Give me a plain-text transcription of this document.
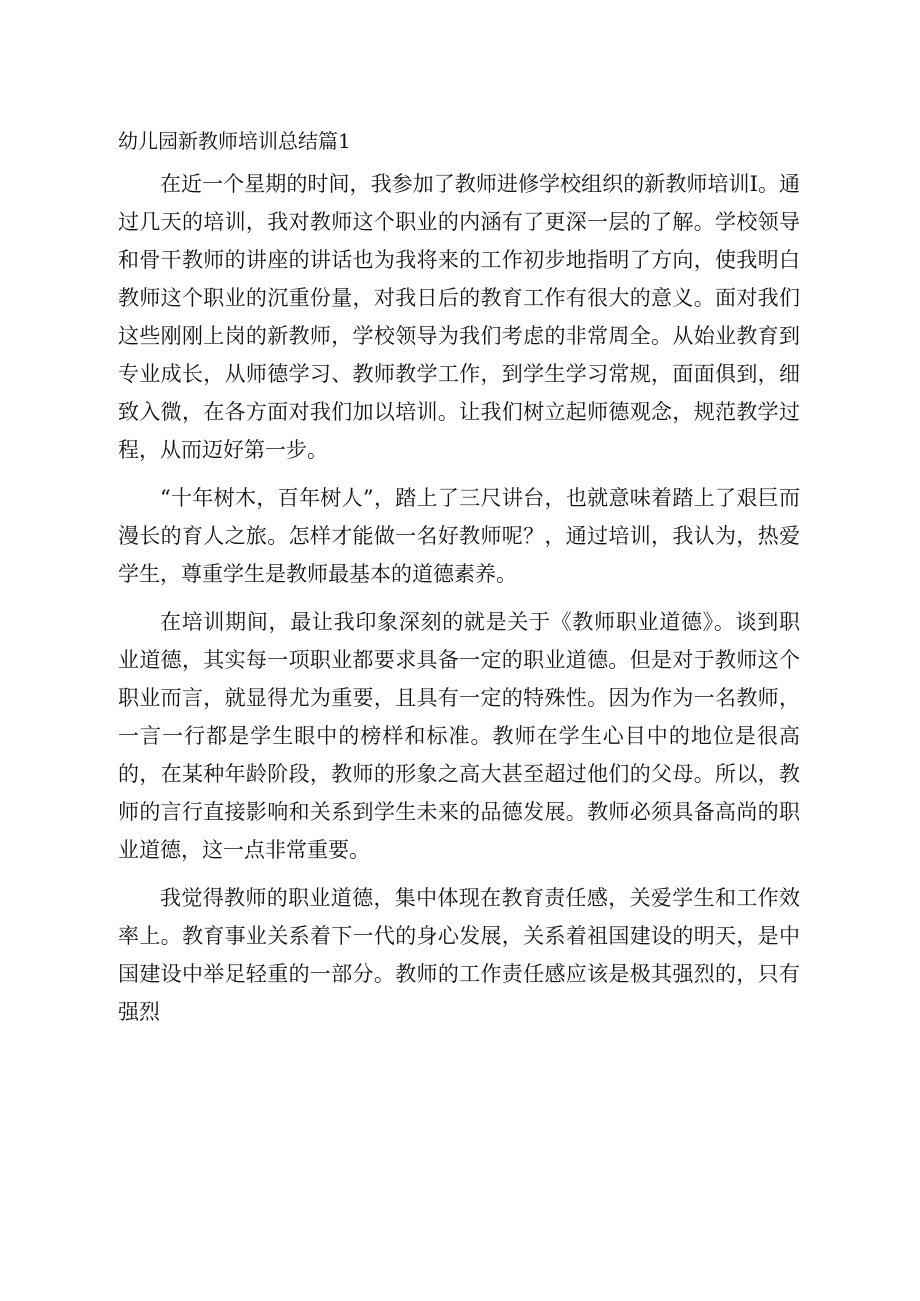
幼儿园新教师培训总结篇1

在近一个星期的时间，我参加了教师进修学校组织的新教师培训I。通过几天的培训，我对教师这个职业的内涵有了更深一层的了解。学校领导和骨干教师的讲座的讲话也为我将来的工作初步地指明了方向，使我明白教师这个职业的沉重份量，对我日后的教育工作有很大的意义。面对我们这些刚刚上岗的新教师，学校领导为我们考虑的非常周全。从始业教育到专业成长，从师德学习、教师教学工作，到学生学习常规，面面俱到，细致入微，在各方面对我们加以培训。让我们树立起师德观念，规范教学过程，从而迈好第一步。

“十年树木，百年树人”，踏上了三尺讲台，也就意味着踏上了艰巨而漫长的育人之旅。怎样才能做一名好教师呢？，通过培训，我认为，热爱学生，尊重学生是教师最基本的道德素养。

在培训期间，最让我印象深刻的就是关于《教师职业道德》。谈到职业道德，其实每一项职业都要求具备一定的职业道德。但是对于教师这个职业而言，就显得尤为重要，且具有一定的特殊性。因为作为一名教师，一言一行都是学生眼中的榜样和标准。教师在学生心目中的地位是很高的，在某种年龄阶段，教师的形象之高大甚至超过他们的父母。所以，教师的言行直接影响和关系到学生未来的品德发展。教师必须具备高尚的职业道德，这一点非常重要。

我觉得教师的职业道德，集中体现在教育责任感，关爱学生和工作效率上。教育事业关系着下一代的身心发展，关系着祖国建设的明天，是中国建设中举足轻重的一部分。教师的工作责任感应该是极其强烈的，只有强烈
